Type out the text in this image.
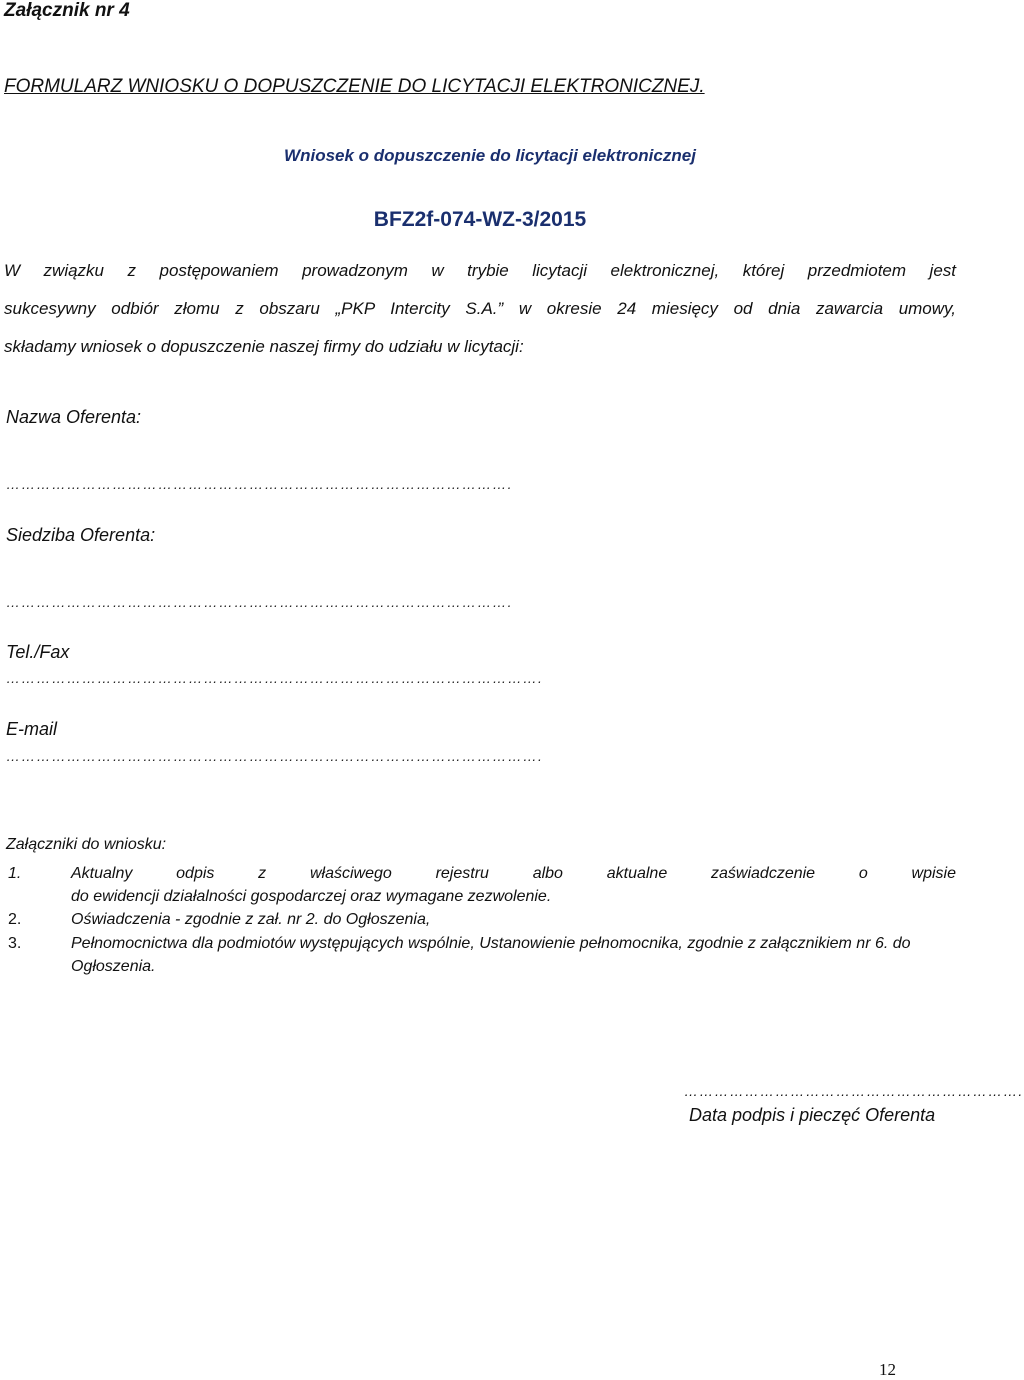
Załącznik nr 4
FORMULARZ WNIOSKU O DOPUSZCZENIE DO LICYTACJI ELEKTRONICZNEJ.
Wniosek o dopuszczenie do licytacji elektronicznej
BFZ2f-074-WZ-3/2015
W związku z postępowaniem prowadzonym w trybie licytacji elektronicznej, której przedmiotem jest
sukcesywny odbiór złomu z obszaru „PKP Intercity S.A.” w okresie 24 miesięcy od dnia zawarcia umowy,
składamy wniosek o dopuszczenie naszej firmy do udziału w licytacji:
Nazwa Oferenta:
……………………………………………………………………………………….
Siedziba Oferenta:
……………………………………………………………………………………….
Tel./Fax
…………………………………………………………………………………………….
E-mail
…………………………………………………………………………………………….
Załączniki do wniosku:
1.	Aktualny odpis z właściwego rejestru albo aktualne zaświadczenie o wpisie
do ewidencji działalności gospodarczej oraz wymagane zezwolenie.
2.	Oświadczenia - zgodnie z zał. nr 2. do Ogłoszenia,
3.	Pełnomocnictwa dla podmiotów występujących wspólnie, Ustanowienie pełnomocnika, zgodnie z załącznikiem nr 6. do Ogłoszenia.
………………………………………………………….
Data podpis i pieczęć Oferenta
12
